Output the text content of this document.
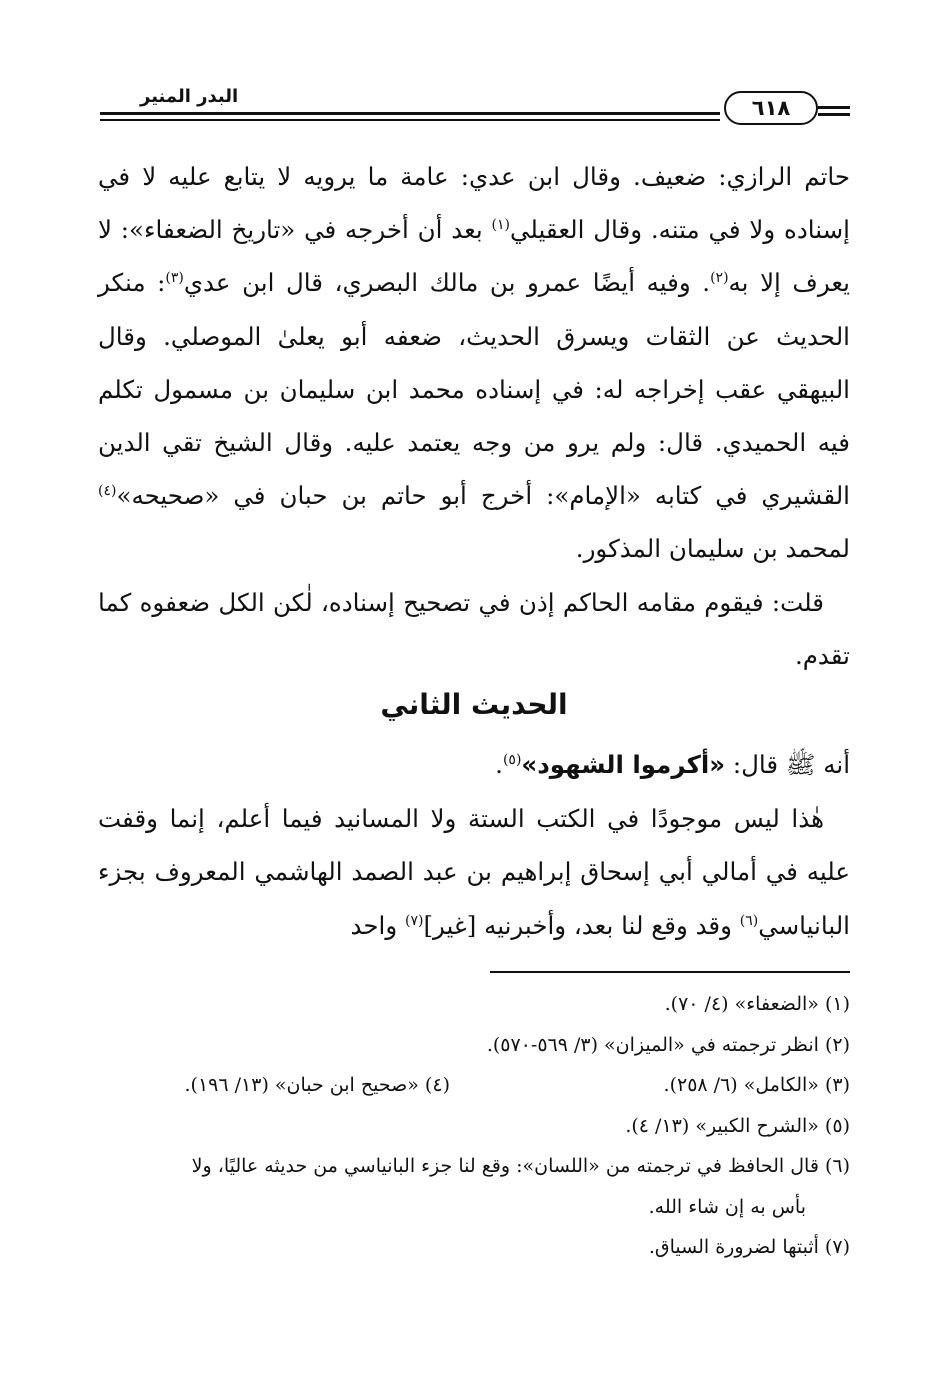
البدر المنير	٦١٨

حاتم الرازي: ضعيف. وقال ابن عدي: عامة ما يرويه لا يتابع عليه لا في إسناده ولا في متنه. وقال العقيلي$^{(١)}$ بعد أن أخرجه في «تاريخ الضعفاء»: لا يعرف إلا به$^{(٢)}$. وفيه أيضًا عمرو بن مالك البصري، قال ابن عدي$^{(٣)}$: منكر الحديث عن الثقات ويسرق الحديث، ضعفه أبو يعلىٰ الموصلي. وقال البيهقي عقب إخراجه له: في إسناده محمد ابن سليمان بن مسمول تكلم فيه الحميدي. قال: ولم يرو من وجه يعتمد عليه. وقال الشيخ تقي الدين القشيري في كتابه «الإمام»: أخرج أبو حاتم بن حبان في «صحيحه»$^{(٤)}$ لمحمد بن سليمان المذكور.

قلت: فيقوم مقامه الحاكم إذن في تصحيح إسناده، لٰكن الكل ضعفوه كما تقدم.

الحديث الثاني

أنه ﷺ قال: «أكرموا الشهود»$^{(٥)}$.

هٰذا ليس موجودًا في الكتب الستة ولا المسانيد فيما أعلم، إنما وقفت عليه في أمالي أبي إسحاق إبراهيم بن عبد الصمد الهاشمي المعروف بجزء البانياسي$^{(٦)}$ وقد وقع لنا بعد، وأخبرنيه [غير]$^{(٧)}$ واحد

(١) «الضعفاء» (٤/ ٧٠).
(٢) انظر ترجمته في «الميزان» (٣/ ٥٦٩-٥٧٠).
(٣) «الكامل» (٦/ ٢٥٨).
(٤) «صحيح ابن حبان» (١٣/ ١٩٦).
(٥) «الشرح الكبير» (١٣/ ٤).
(٦) قال الحافظ في ترجمته من «اللسان»: وقع لنا جزء البانياسي من حديثه عاليًا، ولا
بأس به إن شاء الله.
(٧) أثبتها لضرورة السياق.
